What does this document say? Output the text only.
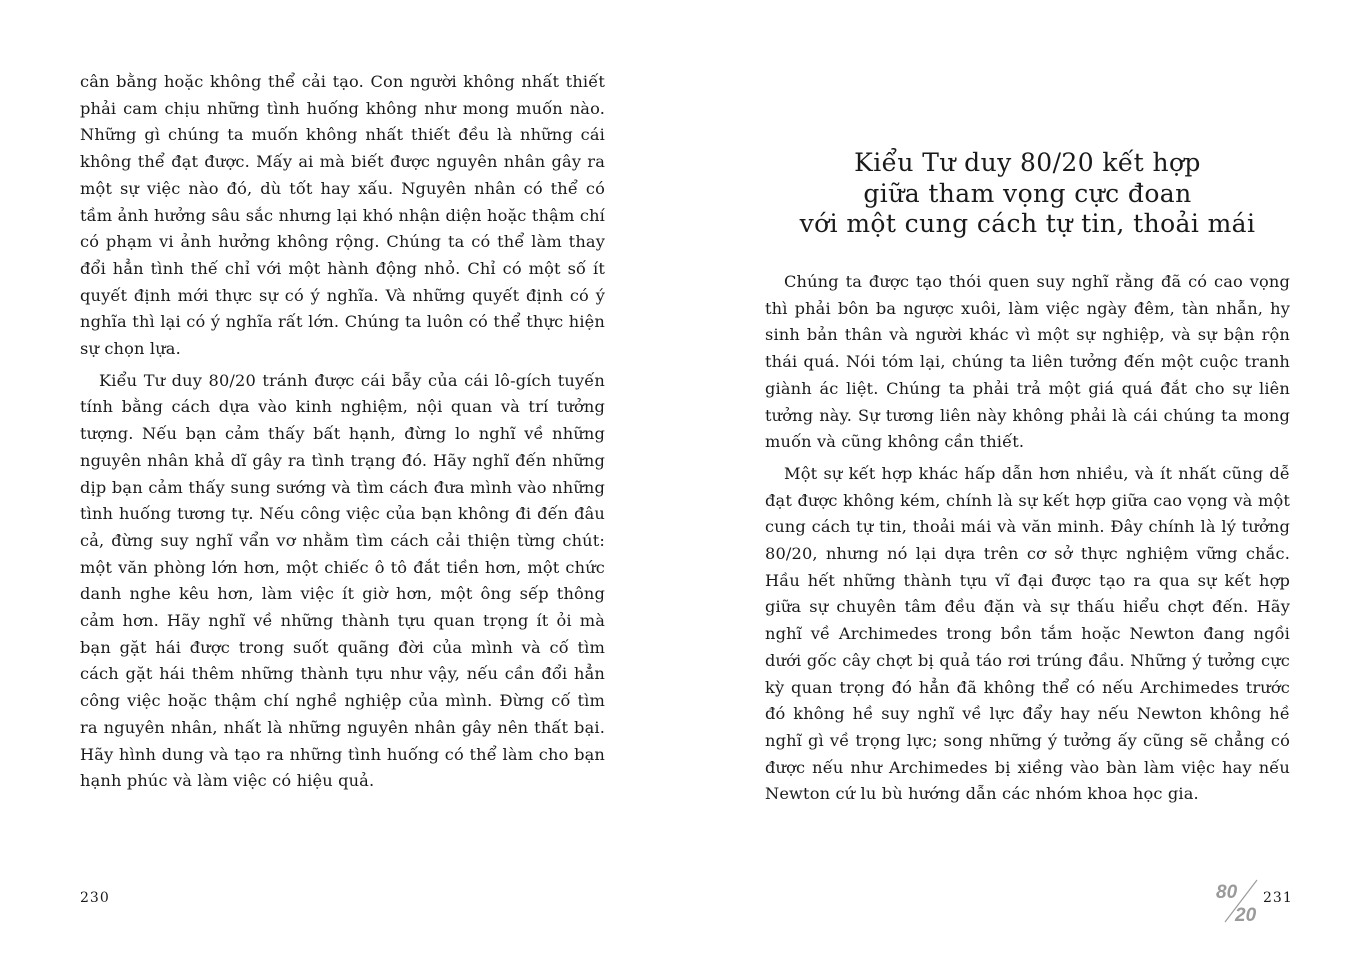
cân bằng hoặc không thể cải tạo. Con người không nhất thiết phải cam chịu những tình huống không như mong muốn nào. Những gì chúng ta muốn không nhất thiết đều là những cái không thể đạt được. Mấy ai mà biết được nguyên nhân gây ra một sự việc nào đó, dù tốt hay xấu. Nguyên nhân có thể có tầm ảnh hưởng sâu sắc nhưng lại khó nhận diện hoặc thậm chí có phạm vi ảnh hưởng không rộng. Chúng ta có thể làm thay đổi hẳn tình thế chỉ với một hành động nhỏ. Chỉ có một số ít quyết định mới thực sự có ý nghĩa. Và những quyết định có ý nghĩa thì lại có ý nghĩa rất lớn. Chúng ta luôn có thể thực hiện sự chọn lựa.

Kiểu Tư duy 80/20 tránh được cái bẫy của cái lô-gích tuyến tính bằng cách dựa vào kinh nghiệm, nội quan và trí tưởng tượng. Nếu bạn cảm thấy bất hạnh, đừng lo nghĩ về những nguyên nhân khả dĩ gây ra tình trạng đó. Hãy nghĩ đến những dịp bạn cảm thấy sung sướng và tìm cách đưa mình vào những tình huống tương tự. Nếu công việc của bạn không đi đến đâu cả, đừng suy nghĩ vẩn vơ nhằm tìm cách cải thiện từng chút: một văn phòng lớn hơn, một chiếc ô tô đắt tiền hơn, một chức danh nghe kêu hơn, làm việc ít giờ hơn, một ông sếp thông cảm hơn. Hãy nghĩ về những thành tựu quan trọng ít ỏi mà bạn gặt hái được trong suốt quãng đời của mình và cố tìm cách gặt hái thêm những thành tựu như vậy, nếu cần đổi hẳn công việc hoặc thậm chí nghề nghiệp của mình. Đừng cố tìm ra nguyên nhân, nhất là những nguyên nhân gây nên thất bại. Hãy hình dung và tạo ra những tình huống có thể làm cho bạn hạnh phúc và làm việc có hiệu quả.

230
Kiểu Tư duy 80/20 kết hợp
giữa tham vọng cực đoan
với một cung cách tự tin, thoải mái

Chúng ta được tạo thói quen suy nghĩ rằng đã có cao vọng thì phải bôn ba ngược xuôi, làm việc ngày đêm, tàn nhẫn, hy sinh bản thân và người khác vì một sự nghiệp, và sự bận rộn thái quá. Nói tóm lại, chúng ta liên tưởng đến một cuộc tranh giành ác liệt. Chúng ta phải trả một giá quá đắt cho sự liên tưởng này. Sự tương liên này không phải là cái chúng ta mong muốn và cũng không cần thiết.

Một sự kết hợp khác hấp dẫn hơn nhiều, và ít nhất cũng dễ đạt được không kém, chính là sự kết hợp giữa cao vọng và một cung cách tự tin, thoải mái và văn minh. Đây chính là lý tưởng 80/20, nhưng nó lại dựa trên cơ sở thực nghiệm vững chắc. Hầu hết những thành tựu vĩ đại được tạo ra qua sự kết hợp giữa sự chuyên tâm đều đặn và sự thấu hiểu chợt đến. Hãy nghĩ về Archimedes trong bồn tắm hoặc Newton đang ngồi dưới gốc cây chợt bị quả táo rơi trúng đầu. Những ý tưởng cực kỳ quan trọng đó hẳn đã không thể có nếu Archimedes trước đó không hề suy nghĩ về lực đẩy hay nếu Newton không hề nghĩ gì về trọng lực; song những ý tưởng ấy cũng sẽ chẳng có được nếu như Archimedes bị xiềng vào bàn làm việc hay nếu Newton cứ lu bù hướng dẫn các nhóm khoa học gia.

80
20
231
